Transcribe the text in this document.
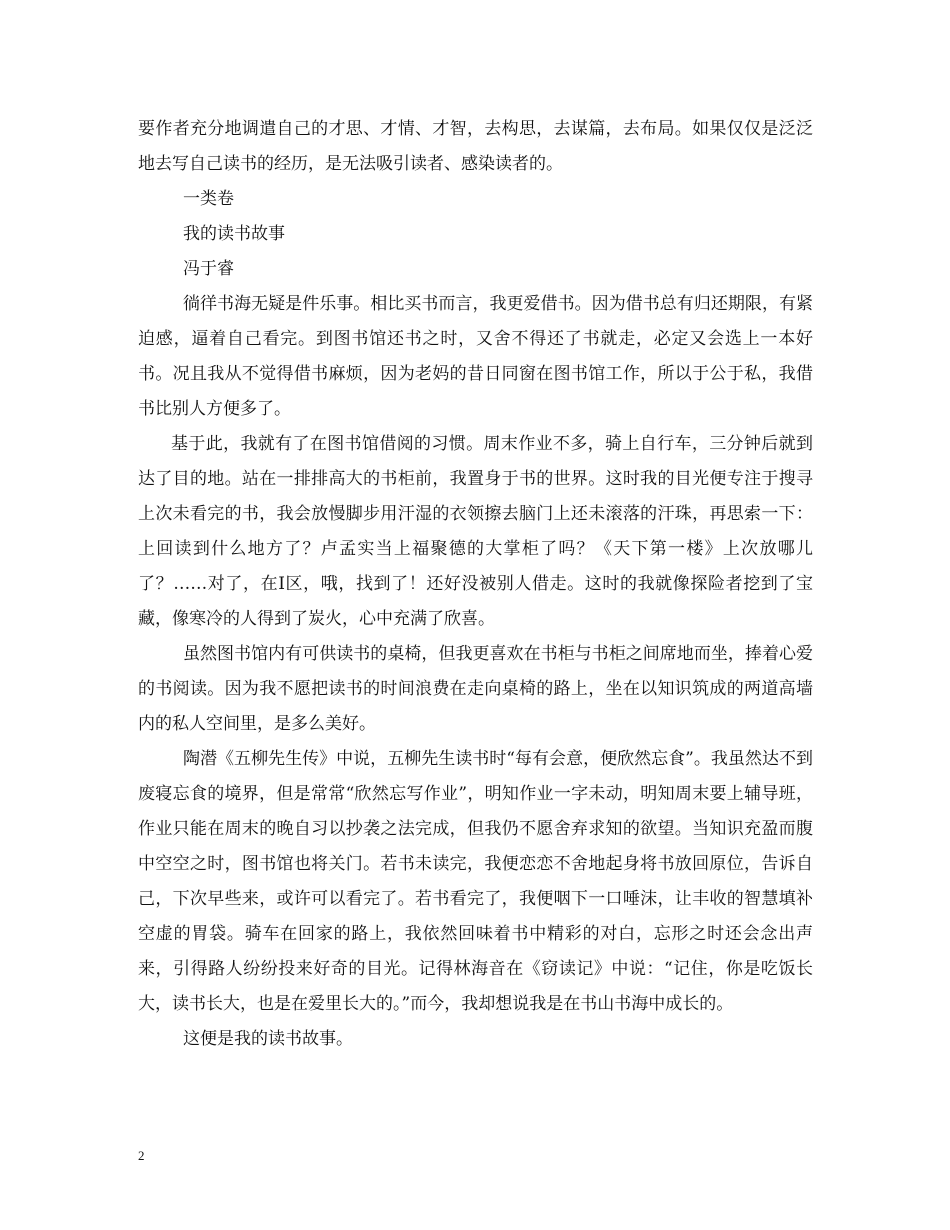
要作者充分地调遣自己的才思、才情、才智，去构思，去谋篇，去布局。如果仅仅是泛泛地去写自己读书的经历，是无法吸引读者、感染读者的。

一类卷

我的读书故事

冯于睿

徜徉书海无疑是件乐事。相比买书而言，我更爱借书。因为借书总有归还期限，有紧迫感，逼着自己看完。到图书馆还书之时，又舍不得还了书就走，必定又会选上一本好书。况且我从不觉得借书麻烦，因为老妈的昔日同窗在图书馆工作，所以于公于私，我借书比别人方便多了。

基于此，我就有了在图书馆借阅的习惯。周末作业不多，骑上自行车，三分钟后就到达了目的地。站在一排排高大的书柜前，我置身于书的世界。这时我的目光便专注于搜寻上次未看完的书，我会放慢脚步用汗湿的衣领擦去脑门上还未滚落的汗珠，再思索一下：上回读到什么地方了？卢孟实当上福聚德的大掌柜了吗？《天下第一楼》上次放哪儿了？……对了，在Ⅰ区，哦，找到了！还好没被别人借走。这时的我就像探险者挖到了宝藏，像寒冷的人得到了炭火，心中充满了欣喜。

虽然图书馆内有可供读书的桌椅，但我更喜欢在书柜与书柜之间席地而坐，捧着心爱的书阅读。因为我不愿把读书的时间浪费在走向桌椅的路上，坐在以知识筑成的两道高墙内的私人空间里，是多么美好。

陶潜《五柳先生传》中说，五柳先生读书时“每有会意，便欣然忘食”。我虽然达不到废寝忘食的境界，但是常常“欣然忘写作业”，明知作业一字未动，明知周末要上辅导班，作业只能在周末的晚自习以抄袭之法完成，但我仍不愿舍弃求知的欲望。当知识充盈而腹中空空之时，图书馆也将关门。若书未读完，我便恋恋不舍地起身将书放回原位，告诉自己，下次早些来，或许可以看完了。若书看完了，我便咽下一口唾沫，让丰收的智慧填补空虚的胃袋。骑车在回家的路上，我依然回味着书中精彩的对白，忘形之时还会念出声来，引得路人纷纷投来好奇的目光。记得林海音在《窃读记》中说：“记住，你是吃饭长大，读书长大，也是在爱里长大的。”而今，我却想说我是在书山书海中成长的。

这便是我的读书故事。

2
